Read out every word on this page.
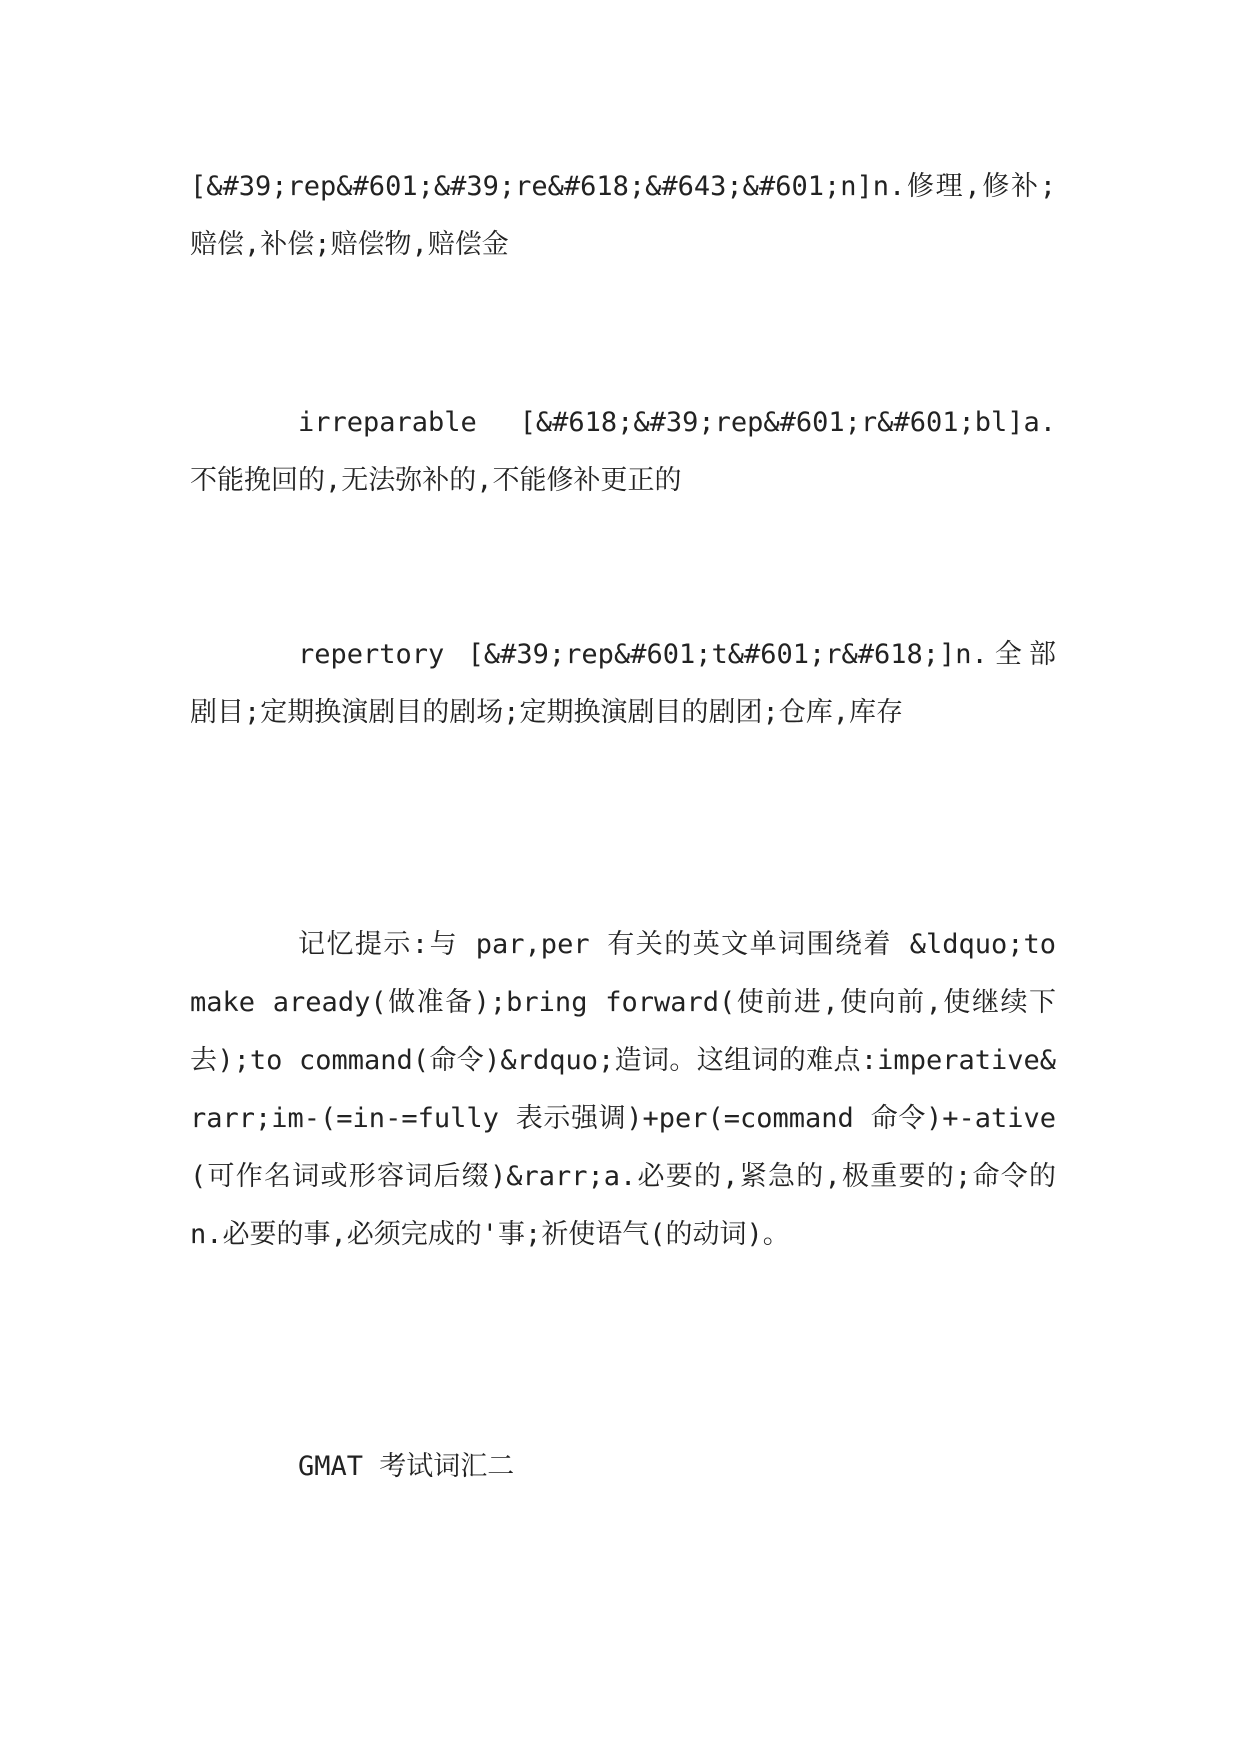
[&#39;rep&#601;&#39;re&#618;&#643;&#601;n]n.修理,修补;赔偿,补偿;赔偿物,赔偿金

irreparable [&#618;&#39;rep&#601;r&#601;bl]a. 不能挽回的,无法弥补的,不能修补更正的

repertory [&#39;rep&#601;t&#601;r&#618;]n.全部剧目;定期换演剧目的剧场;定期换演剧目的剧团;仓库,库存

记忆提示:与 par,per 有关的英文单词围绕着 &ldquo;to make aready(做准备);bring forward(使前进,使向前,使继续下去);to command(命令)&rdquo;造词。这组词的难点:imperative&rarr;im-(=in-=fully 表示强调)+per(=command 命令)+-ative(可作名词或形容词后缀)&rarr;a.必要的,紧急的,极重要的;命令的 n.必要的事,必须完成的'事;祈使语气(的动词)。

GMAT 考试词汇二
